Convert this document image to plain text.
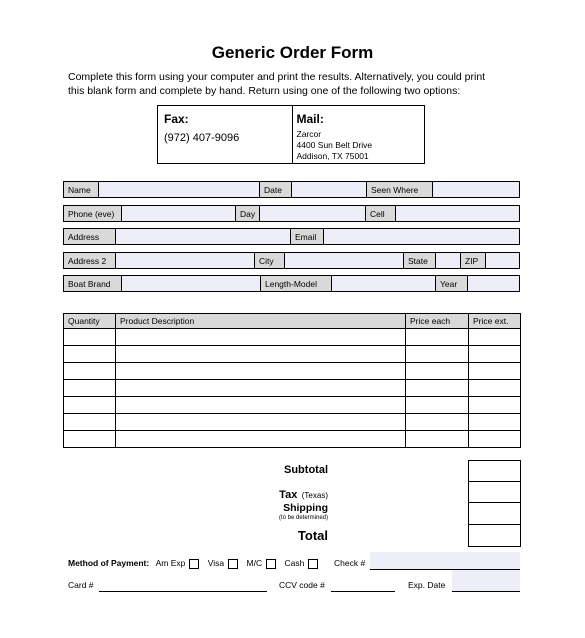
Generic Order Form
Complete this form using your computer and print the results. Alternatively, you could print
this blank form and complete by hand. Return using one of the following two options:
Fax:
(972) 407-9096
Mail:
Zarcor
4400 Sun Belt Drive
Addison, TX 75001
Name	Date	Seen Where
Phone (eve)	Day	Cell
Address	Email
Address 2	City	State	ZIP
Boat Brand	Length-Model	Year
Quantity	Product Description	Price each	Price ext.

Subtotal
Tax (Texas)
Shipping
(to be determined)
Total
Method of Payment: Am Exp	Visa	M/C	Cash	Check #
Card #	CCV code #	Exp. Date
